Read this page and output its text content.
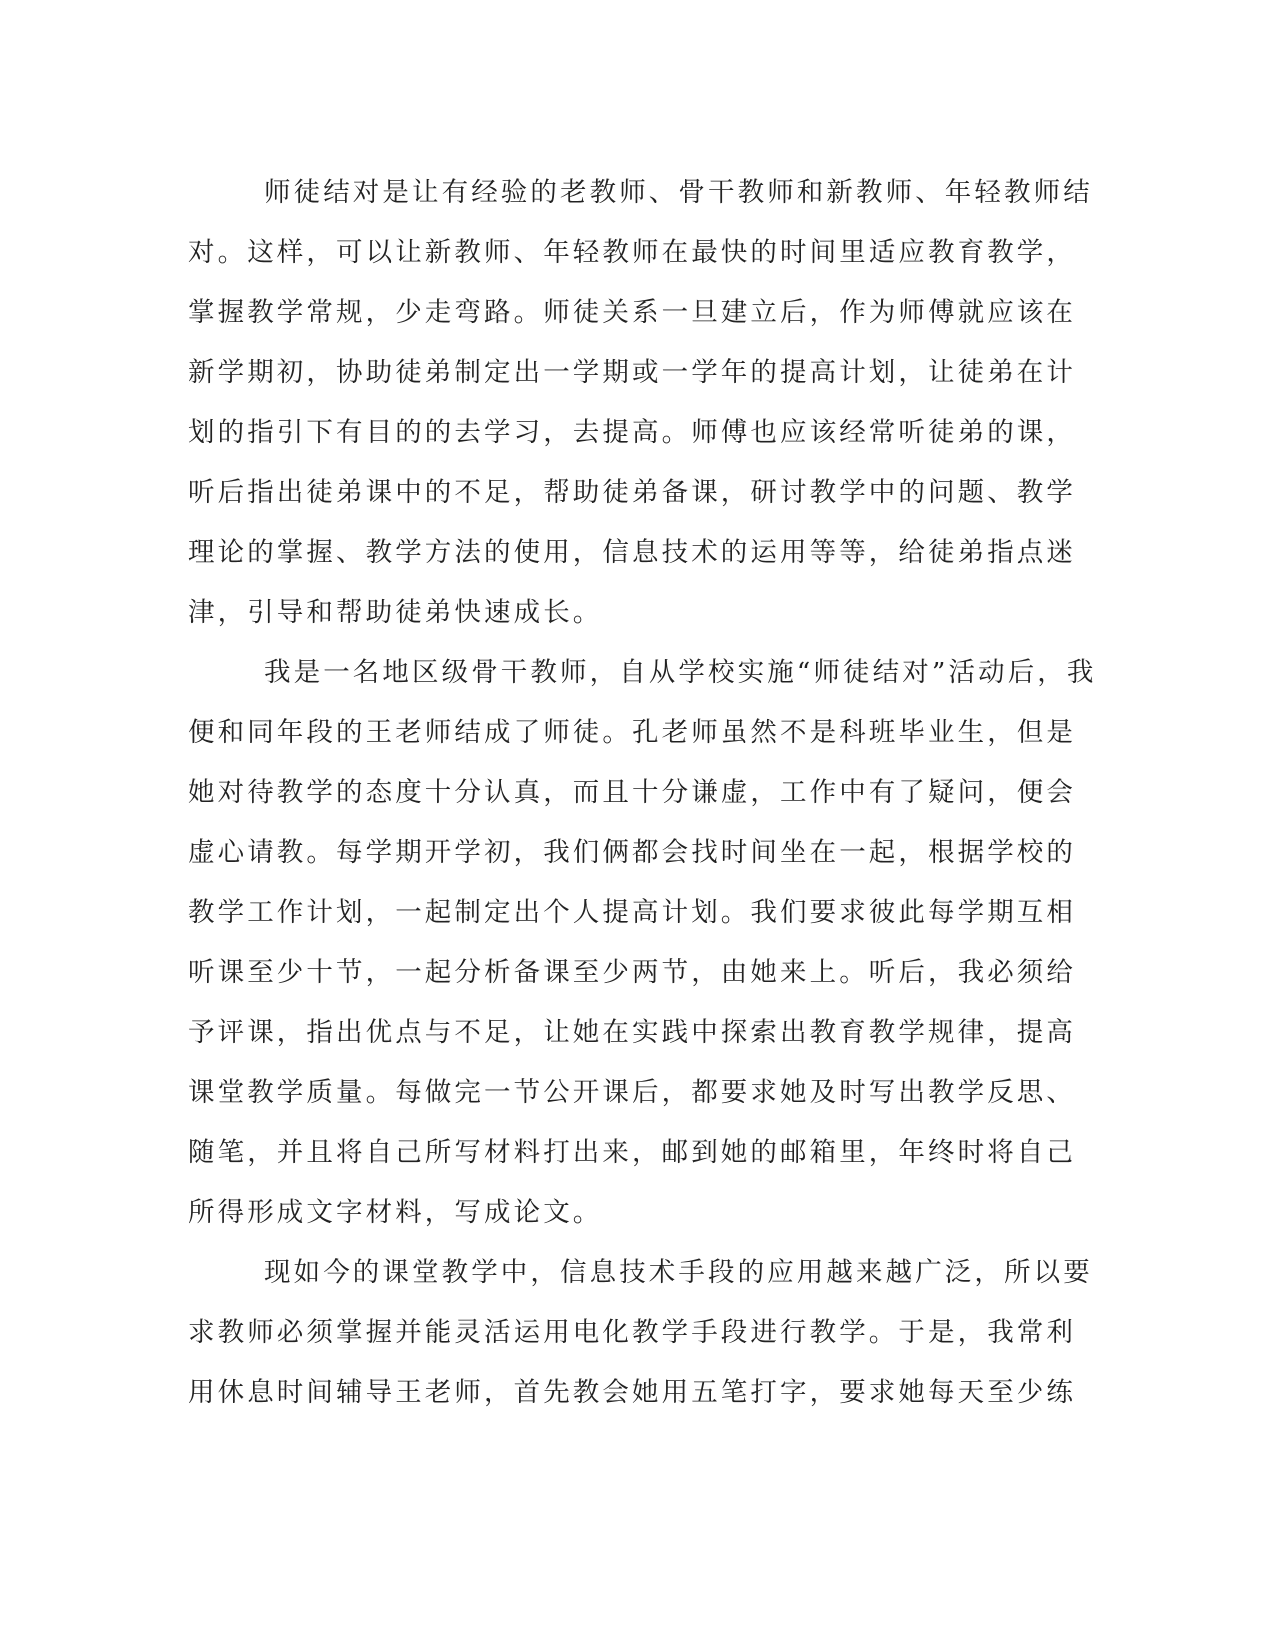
师徒结对是让有经验的老教师、骨干教师和新教师、年轻教师结
对。这样，可以让新教师、年轻教师在最快的时间里适应教育教学，
掌握教学常规，少走弯路。师徒关系一旦建立后，作为师傅就应该在
新学期初，协助徒弟制定出一学期或一学年的提高计划，让徒弟在计
划的指引下有目的的去学习，去提高。师傅也应该经常听徒弟的课，
听后指出徒弟课中的不足，帮助徒弟备课，研讨教学中的问题、教学
理论的掌握、教学方法的使用，信息技术的运用等等，给徒弟指点迷
津，引导和帮助徒弟快速成长。
我是一名地区级骨干教师，自从学校实施“师徒结对”活动后，我
便和同年段的王老师结成了师徒。孔老师虽然不是科班毕业生，但是
她对待教学的态度十分认真，而且十分谦虚，工作中有了疑问，便会
虚心请教。每学期开学初，我们俩都会找时间坐在一起，根据学校的
教学工作计划，一起制定出个人提高计划。我们要求彼此每学期互相
听课至少十节，一起分析备课至少两节，由她来上。听后，我必须给
予评课，指出优点与不足，让她在实践中探索出教育教学规律，提高
课堂教学质量。每做完一节公开课后，都要求她及时写出教学反思、
随笔，并且将自己所写材料打出来，邮到她的邮箱里，年终时将自己
所得形成文字材料，写成论文。
现如今的课堂教学中，信息技术手段的应用越来越广泛，所以要
求教师必须掌握并能灵活运用电化教学手段进行教学。于是，我常利
用休息时间辅导王老师，首先教会她用五笔打字，要求她每天至少练
